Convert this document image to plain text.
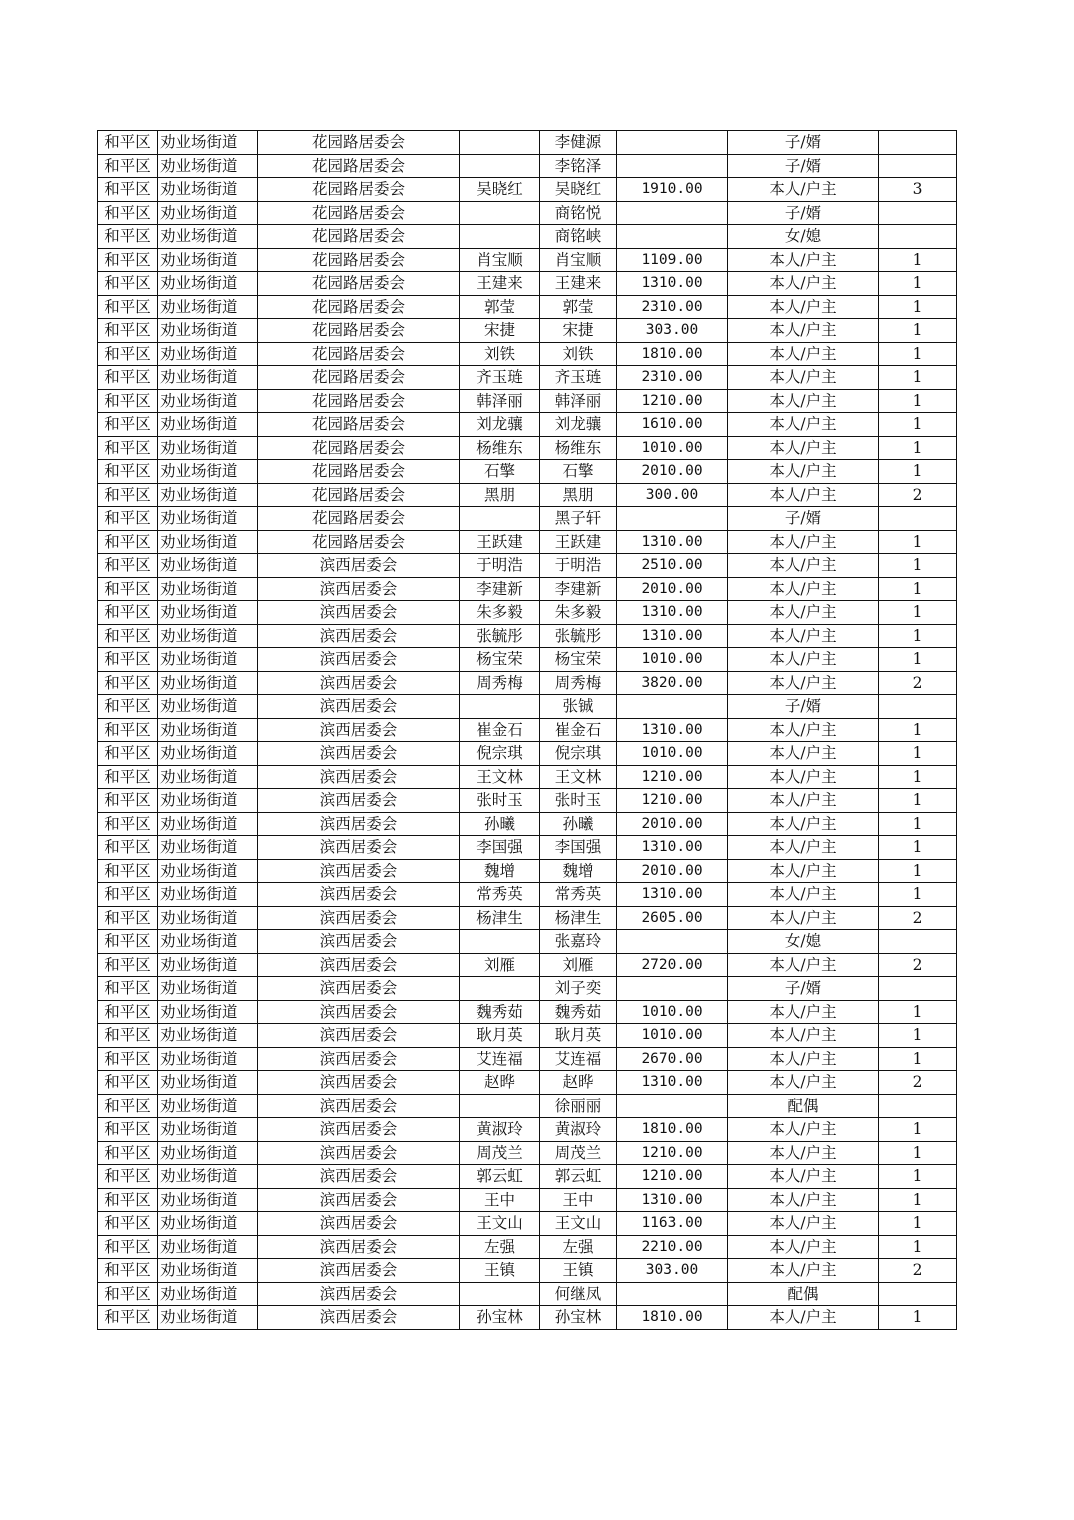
和平区	劝业场街道	花园路居委会		李健源		子/婿	
和平区	劝业场街道	花园路居委会		李铭泽		子/婿	
和平区	劝业场街道	花园路居委会	吴晓红	吴晓红	1910.00	本人/户主	3
和平区	劝业场街道	花园路居委会		商铭悦		子/婿	
和平区	劝业场街道	花园路居委会		商铭峡		女/媳	
和平区	劝业场街道	花园路居委会	肖宝顺	肖宝顺	1109.00	本人/户主	1
和平区	劝业场街道	花园路居委会	王建来	王建来	1310.00	本人/户主	1
和平区	劝业场街道	花园路居委会	郭莹	郭莹	2310.00	本人/户主	1
和平区	劝业场街道	花园路居委会	宋捷	宋捷	303.00	本人/户主	1
和平区	劝业场街道	花园路居委会	刘铁	刘铁	1810.00	本人/户主	1
和平区	劝业场街道	花园路居委会	齐玉琏	齐玉琏	2310.00	本人/户主	1
和平区	劝业场街道	花园路居委会	韩泽丽	韩泽丽	1210.00	本人/户主	1
和平区	劝业场街道	花园路居委会	刘龙骧	刘龙骧	1610.00	本人/户主	1
和平区	劝业场街道	花园路居委会	杨维东	杨维东	1010.00	本人/户主	1
和平区	劝业场街道	花园路居委会	石擎	石擎	2010.00	本人/户主	1
和平区	劝业场街道	花园路居委会	黑朋	黑朋	300.00	本人/户主	2
和平区	劝业场街道	花园路居委会		黑子轩		子/婿	
和平区	劝业场街道	花园路居委会	王跃建	王跃建	1310.00	本人/户主	1
和平区	劝业场街道	滨西居委会	于明浩	于明浩	2510.00	本人/户主	1
和平区	劝业场街道	滨西居委会	李建新	李建新	2010.00	本人/户主	1
和平区	劝业场街道	滨西居委会	朱多毅	朱多毅	1310.00	本人/户主	1
和平区	劝业场街道	滨西居委会	张毓彤	张毓彤	1310.00	本人/户主	1
和平区	劝业场街道	滨西居委会	杨宝荣	杨宝荣	1010.00	本人/户主	1
和平区	劝业场街道	滨西居委会	周秀梅	周秀梅	3820.00	本人/户主	2
和平区	劝业场街道	滨西居委会		张铖		子/婿	
和平区	劝业场街道	滨西居委会	崔金石	崔金石	1310.00	本人/户主	1
和平区	劝业场街道	滨西居委会	倪宗琪	倪宗琪	1010.00	本人/户主	1
和平区	劝业场街道	滨西居委会	王文林	王文林	1210.00	本人/户主	1
和平区	劝业场街道	滨西居委会	张时玉	张时玉	1210.00	本人/户主	1
和平区	劝业场街道	滨西居委会	孙曦	孙曦	2010.00	本人/户主	1
和平区	劝业场街道	滨西居委会	李国强	李国强	1310.00	本人/户主	1
和平区	劝业场街道	滨西居委会	魏增	魏增	2010.00	本人/户主	1
和平区	劝业场街道	滨西居委会	常秀英	常秀英	1310.00	本人/户主	1
和平区	劝业场街道	滨西居委会	杨津生	杨津生	2605.00	本人/户主	2
和平区	劝业场街道	滨西居委会		张嘉玲		女/媳	
和平区	劝业场街道	滨西居委会	刘雁	刘雁	2720.00	本人/户主	2
和平区	劝业场街道	滨西居委会		刘子奕		子/婿	
和平区	劝业场街道	滨西居委会	魏秀茹	魏秀茹	1010.00	本人/户主	1
和平区	劝业场街道	滨西居委会	耿月英	耿月英	1010.00	本人/户主	1
和平区	劝业场街道	滨西居委会	艾连福	艾连福	2670.00	本人/户主	1
和平区	劝业场街道	滨西居委会	赵晔	赵晔	1310.00	本人/户主	2
和平区	劝业场街道	滨西居委会		徐丽丽		配偶	
和平区	劝业场街道	滨西居委会	黄淑玲	黄淑玲	1810.00	本人/户主	1
和平区	劝业场街道	滨西居委会	周茂兰	周茂兰	1210.00	本人/户主	1
和平区	劝业场街道	滨西居委会	郭云虹	郭云虹	1210.00	本人/户主	1
和平区	劝业场街道	滨西居委会	王中	王中	1310.00	本人/户主	1
和平区	劝业场街道	滨西居委会	王文山	王文山	1163.00	本人/户主	1
和平区	劝业场街道	滨西居委会	左强	左强	2210.00	本人/户主	1
和平区	劝业场街道	滨西居委会	王镇	王镇	303.00	本人/户主	2
和平区	劝业场街道	滨西居委会		何继凤		配偶	
和平区	劝业场街道	滨西居委会	孙宝林	孙宝林	1810.00	本人/户主	1
